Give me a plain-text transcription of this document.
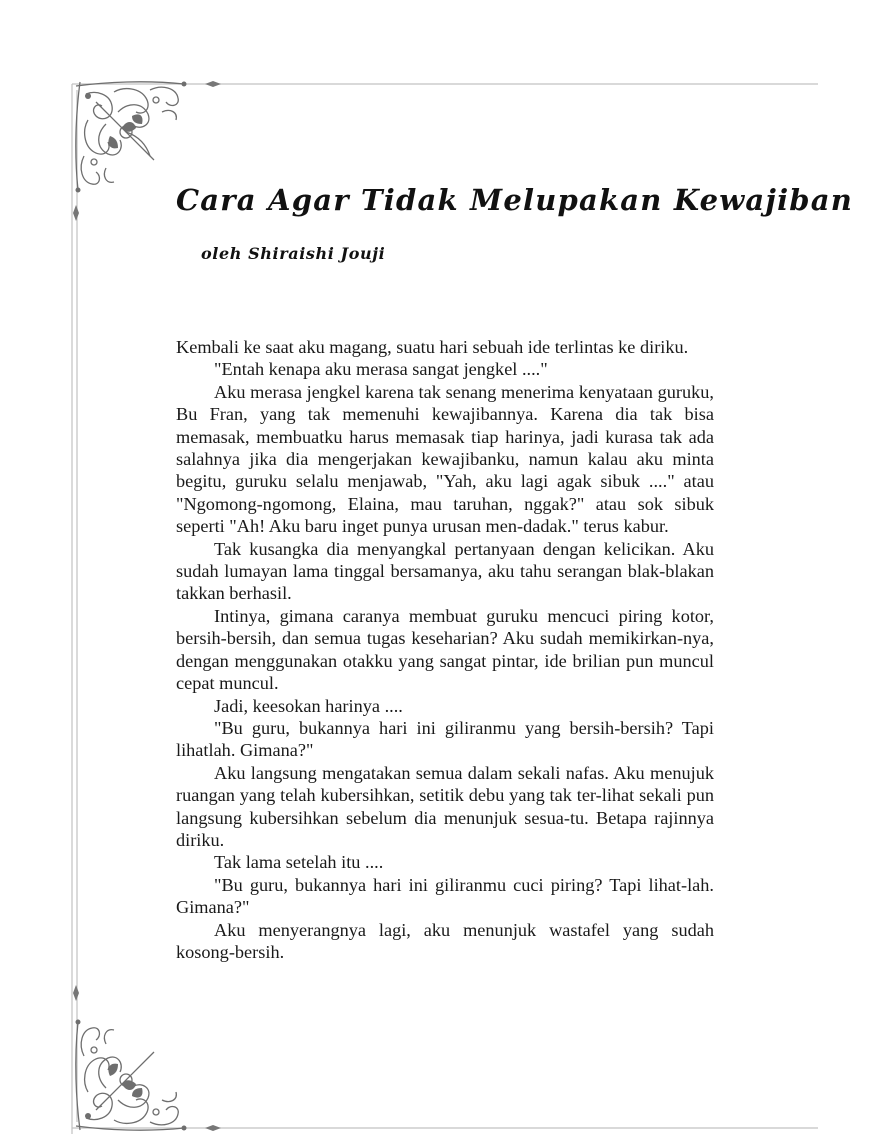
Cara Agar Tidak Melupakan Kewajiban
oleh Shiraishi Jouji

Kembali ke saat aku magang, suatu hari sebuah ide terlintas ke diriku.

"Entah kenapa aku merasa sangat jengkel ...."

Aku merasa jengkel karena tak senang menerima kenyataan guruku, Bu Fran, yang tak memenuhi kewajibannya. Karena dia tak bisa memasak, membuatku harus memasak tiap harinya, jadi kurasa tak ada salahnya jika dia mengerjakan kewajibanku, namun kalau aku minta begitu, guruku selalu menjawab, "Yah, aku lagi agak sibuk ...." atau "Ngomong-ngomong, Elaina, mau taruhan, nggak?" atau sok sibuk seperti "Ah! Aku baru inget punya urusan men-dadak." terus kabur.

Tak kusangka dia menyangkal pertanyaan dengan kelicikan. Aku sudah lumayan lama tinggal bersamanya, aku tahu serangan blak-blakan takkan berhasil.

Intinya, gimana caranya membuat guruku mencuci piring kotor, bersih-bersih, dan semua tugas keseharian? Aku sudah memikirkan-nya, dengan menggunakan otakku yang sangat pintar, ide brilian pun muncul cepat muncul.

Jadi, keesokan harinya ....

"Bu guru, bukannya hari ini giliranmu yang bersih-bersih? Tapi lihatlah. Gimana?"

Aku langsung mengatakan semua dalam sekali nafas. Aku menujuk ruangan yang telah kubersihkan, setitik debu yang tak ter-lihat sekali pun langsung kubersihkan sebelum dia menunjuk sesua-tu. Betapa rajinnya diriku.

Tak lama setelah itu ....

"Bu guru, bukannya hari ini giliranmu cuci piring? Tapi lihat-lah. Gimana?"

Aku menyerangnya lagi, aku menunjuk wastafel yang sudah kosong-bersih.
